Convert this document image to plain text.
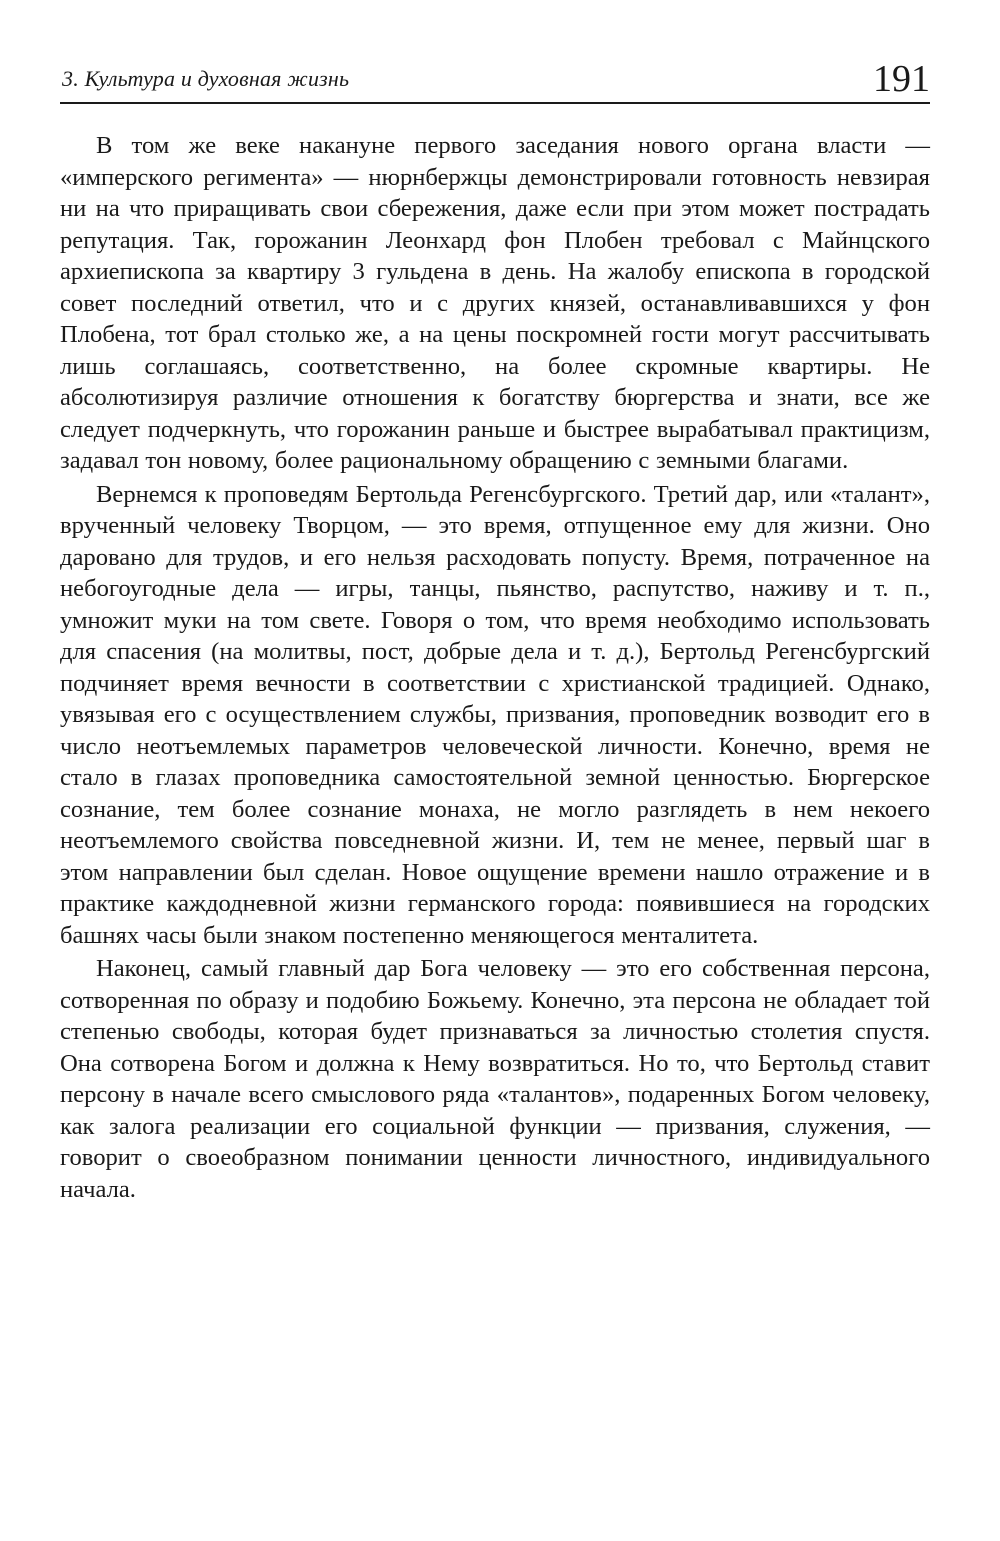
3. Культура и духовная жизнь	191

В том же веке накануне первого заседания нового органа власти — «имперского регимента» — нюрнбержцы демонстрировали готовность невзирая ни на что приращивать свои сбережения, даже если при этом может пострадать репутация. Так, горожанин Леонхард фон Плобен требовал с Майнцского архиепископа за квартиру 3 гульдена в день. На жалобу епископа в городской совет последний ответил, что и с других князей, останавливавшихся у фон Плобена, тот брал столько же, а на цены поскромней гости могут рассчитывать лишь соглашаясь, соответственно, на более скромные квартиры. Не абсолютизируя различие отношения к богатству бюргерства и знати, все же следует подчеркнуть, что горожанин раньше и быстрее вырабатывал практицизм, задавал тон новому, более рациональному обращению с земными благами.

Вернемся к проповедям Бертольда Регенсбургского. Третий дар, или «талант», врученный человеку Творцом, — это время, отпущенное ему для жизни. Оно даровано для трудов, и его нельзя расходовать попусту. Время, потраченное на небогоугодные дела — игры, танцы, пьянство, распутство, наживу и т. п., умножит муки на том свете. Говоря о том, что время необходимо использовать для спасения (на молитвы, пост, добрые дела и т. д.), Бертольд Регенсбургский подчиняет время вечности в соответствии с христианской традицией. Однако, увязывая его с осуществлением службы, призвания, проповедник возводит его в число неотъемлемых параметров человеческой личности. Конечно, время не стало в глазах проповедника самостоятельной земной ценностью. Бюргерское сознание, тем более сознание монаха, не могло разглядеть в нем некоего неотъемлемого свойства повседневной жизни. И, тем не менее, первый шаг в этом направлении был сделан. Новое ощущение времени нашло отражение и в практике каждодневной жизни германского города: появившиеся на городских башнях часы были знаком постепенно меняющегося менталитета.

Наконец, самый главный дар Бога человеку — это его собственная персона, сотворенная по образу и подобию Божьему. Конечно, эта персона не обладает той степенью свободы, которая будет признаваться за личностью столетия спустя. Она сотворена Богом и должна к Нему возвратиться. Но то, что Бертольд ставит персону в начале всего смыслового ряда «талантов», подаренных Богом человеку, как залога реализации его социальной функции — призвания, служения, — говорит о своеобразном понимании ценности личностного, индивидуального начала.
